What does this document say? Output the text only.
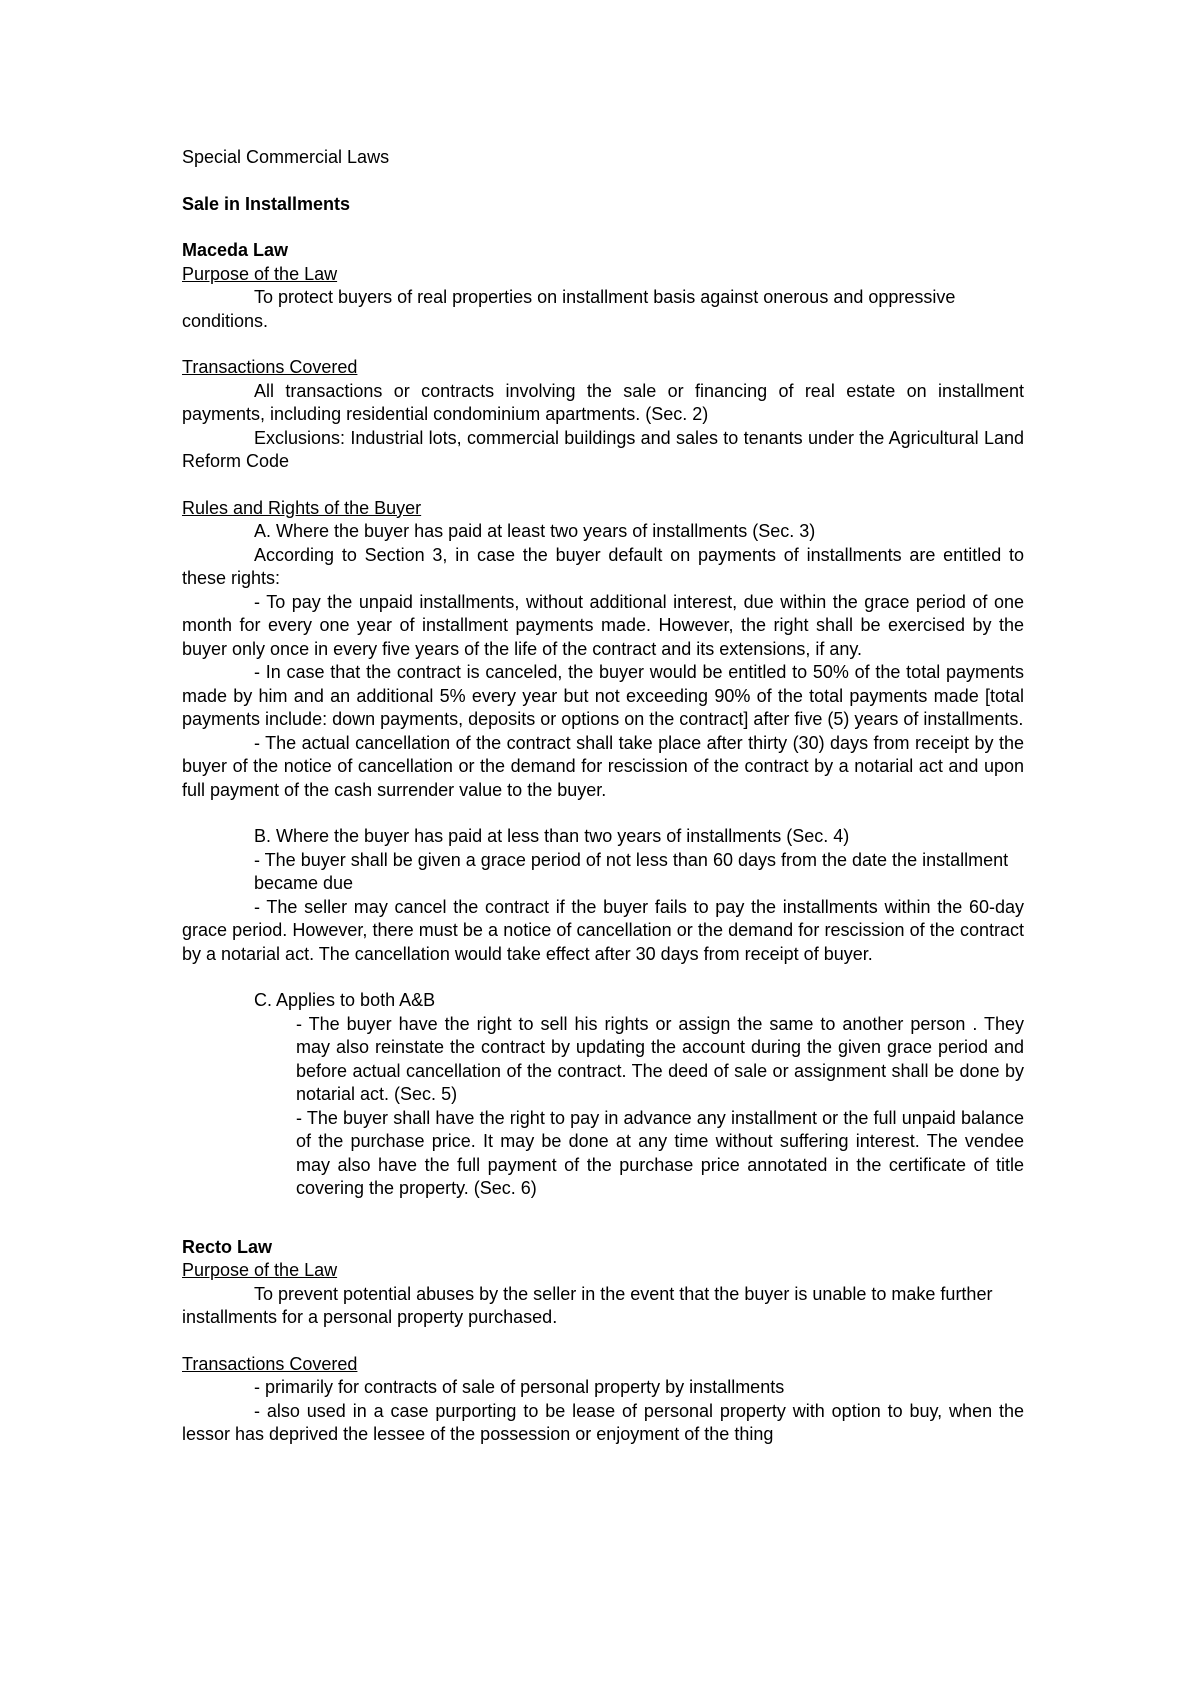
Special Commercial Laws

Sale in Installments

Maceda Law

Purpose of the Law

To protect buyers of real properties on installment basis against onerous and oppressive conditions.

Transactions Covered

All transactions or contracts involving the sale or financing of real estate on installment payments, including residential condominium apartments. (Sec. 2)

Exclusions: Industrial lots, commercial buildings and sales to tenants under the Agricultural Land Reform Code

Rules and Rights of the Buyer

A. Where the buyer has paid at least two years of installments (Sec. 3)

According to Section 3, in case the buyer default on payments of installments are entitled to these rights:

- To pay the unpaid installments, without additional interest, due within the grace period of one month for every one year of installment payments made. However, the right shall be exercised by the buyer only once in every five years of the life of the contract and its extensions, if any.

- In case that the contract is canceled, the buyer would be entitled to 50% of the total payments made by him and an additional 5% every year but not exceeding 90% of the total payments made [total payments include: down payments, deposits or options on the contract] after five (5) years of installments.

- The actual cancellation of the contract shall take place after thirty (30) days from receipt by the buyer of the notice of cancellation or the demand for rescission of the contract by a notarial act and upon full payment of the cash surrender value to the buyer.

B. Where the buyer has paid at less than two years of installments (Sec. 4)

- The buyer shall be given a grace period of not less than 60 days from the date the installment became due

- The seller may cancel the contract if the buyer fails to pay the installments within the 60-day grace period. However, there must be a notice of cancellation or the demand for rescission of the contract by a notarial act. The cancellation would take effect after 30 days from receipt of buyer.

C. Applies to both A&B

- The buyer have the right to sell his rights or assign the same to another person . They may also reinstate the contract by updating the account during the given grace period and before actual cancellation of the contract. The deed of sale or assignment shall be done by notarial act. (Sec. 5)

- The buyer shall have the right to pay in advance any installment or the full unpaid balance of the purchase price. It may be done at any time without suffering interest. The vendee may also have the full payment of the purchase price annotated in the certificate of title covering the property. (Sec. 6)

Recto Law

Purpose of the Law

To prevent potential abuses by the seller in the event that the buyer is unable to make further installments for a personal property purchased.

Transactions Covered

- primarily for contracts of sale of personal property by installments

- also used in a case purporting to be lease of personal property with option to buy, when the lessor has deprived the lessee of the possession or enjoyment of the thing
